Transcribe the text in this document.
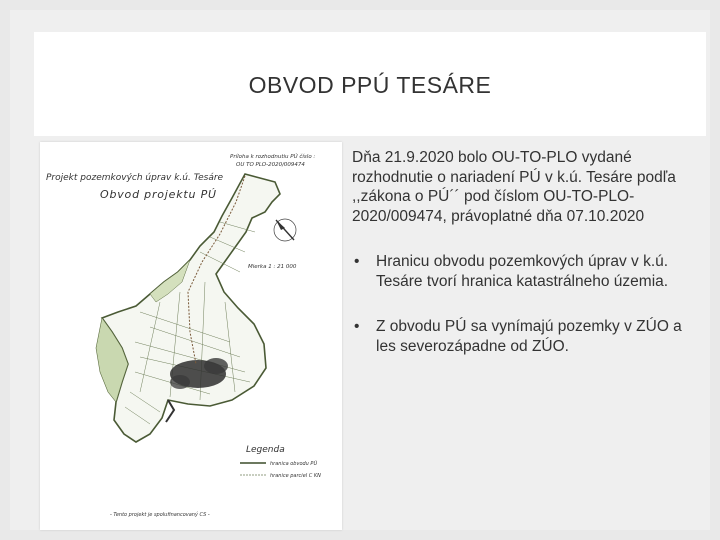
OBVOD PPÚ TESÁRE
Príloha k rozhodnutiu PÚ číslo :
OU TO PLO-2020/009474
Projekt pozemkových úprav k.ú. Tesáre
Obvod projektu PÚ
Mierka 1 : 21 000
Legenda
hranica obvodu PÚ
hranice parciel C KN
- Tento projekt je spolufinancovaný CS -

Dňa 21.9.2020 bolo OU-TO-PLO vydané rozhodnutie o nariadení PÚ v k.ú. Tesáre podľa ,,zákona o PÚ´´ pod číslom OU-TO-PLO-2020/009474, právoplatné dňa 07.10.2020

• Hranicu obvodu pozemkových úprav v k.ú. Tesáre tvorí hranica katastrálneho územia.
• Z obvodu PÚ sa vynímajú pozemky v ZÚO a les severozápadne od ZÚO.
